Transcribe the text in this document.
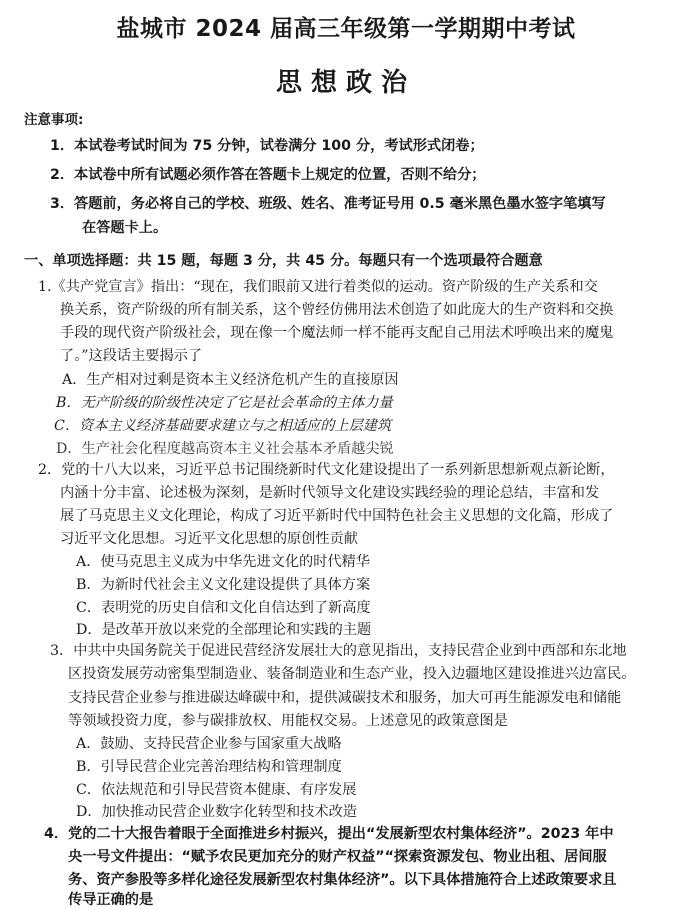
盐城市 2024 届高三年级第一学期期中考试
思想政治
注意事项:
1．本试卷考试时间为 75 分钟，试卷满分 100 分，考试形式闭卷；
2．本试卷中所有试题必须作答在答题卡上规定的位置，否则不给分；
3．答题前，务必将自己的学校、班级、姓名、准考证号用 0.5 毫米黑色墨水签字笔填写
在答题卡上。
一、单项选择题：共 15 题，每题 3 分，共 45 分。每题只有一个选项最符合题意
1.《共产党宣言》指出：“现在，我们眼前又进行着类似的运动。资产阶级的生产关系和交
换关系，资产阶级的所有制关系，这个曾经仿佛用法术创造了如此庞大的生产资料和交换
手段的现代资产阶级社会，现在像一个魔法师一样不能再支配自己用法术呼唤出来的魔鬼
了。”这段话主要揭示了
A．生产相对过剩是资本主义经济危机产生的直接原因
B．无产阶级的阶级性决定了它是社会革命的主体力量
C．资本主义经济基础要求建立与之相适应的上层建筑
D．生产社会化程度越高资本主义社会基本矛盾越尖锐
2．党的十八大以来，习近平总书记围绕新时代文化建设提出了一系列新思想新观点新论断，
内涵十分丰富、论述极为深刻，是新时代领导文化建设实践经验的理论总结，丰富和发
展了马克思主义文化理论，构成了习近平新时代中国特色社会主义思想的文化篇，形成了
习近平文化思想。习近平文化思想的原创性贡献
A．使马克思主义成为中华先进文化的时代精华
B．为新时代社会主义文化建设提供了具体方案
C．表明党的历史自信和文化自信达到了新高度
D．是改革开放以来党的全部理论和实践的主题
3．中共中央国务院关于促进民营经济发展壮大的意见指出，支持民营企业到中西部和东北地
区投资发展劳动密集型制造业、装备制造业和生态产业，投入边疆地区建设推进兴边富民。
支持民营企业参与推进碳达峰碳中和，提供减碳技术和服务，加大可再生能源发电和储能
等领域投资力度，参与碳排放权、用能权交易。上述意见的政策意图是
A．鼓励、支持民营企业参与国家重大战略
B．引导民营企业完善治理结构和管理制度
C．依法规范和引导民营资本健康、有序发展
D．加快推动民营企业数字化转型和技术改造
4．党的二十大报告着眼于全面推进乡村振兴，提出“发展新型农村集体经济”。2023 年中
央一号文件提出：“赋予农民更加充分的财产权益”“探索资源发包、物业出租、居间服
务、资产参股等多样化途径发展新型农村集体经济”。以下具体措施符合上述政策要求且
传导正确的是
